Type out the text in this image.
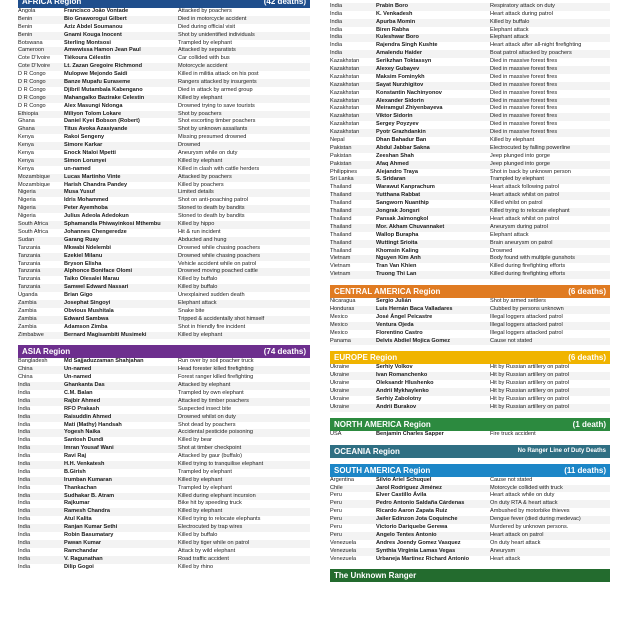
AFRICA Region	(42 deaths)
Angola	Francisco João Vontade	Attacked by poachers
Benin	Bio Gnaworogui Gilbert	Died in motorcycle accident
Benin	Aziz Abdel Soumanou	Died during official visit
Benin	Gnami Kouga Inocent	Shot by unidentified individuals
Botswana	Sterling Montsosi	Trampled by elephant
Cameroon	Amwwissa Hamon Jean Paul	Attacked by separatists
Cote D'Ivoire	Tiékoura Célestin	Car collided with bus
Cote D'Ivoire	Lt. Zazan Gregoire Richmond	Motorcycle accident
D R Congo	Mulopwe Mejondo Saidi	Killed in militia attack on his post
D R Congo	Banze Mupafu Euraseme	Rangers attacked by insurgents
D R Congo	Djibril Mutambala Kabengano	Died in attack by armed group
D R Congo	Mahangalko Bazirake Celestin	Killed by elephant
D R Congo	Alex Masungi Ndonga	Drowned trying to save tourists
Ethiopia	Miliyon Tolom Lokare	Shot by poachers
Ghana	Daniel Kyei Bobson (Robert)	Shot escorting timber poachers
Ghana	Titus Avoka Azasiyande	Shot by unknown assailants
Kenya	Rakoi Sengeny	Missing presumed drowned
Kenya	Simore Karkar	Drowned
Kenya	Enock Ntaloi Mpetti	Aneurysm while on duty
Kenya	Simon Lorunyei	Killed by elephant
Kenya	un-named	Killed in clash with cattle herders
Mozambique	Lucas Martinho Vinte	Attacked by poachers
Mozambique	Harish Chandra Pandey	Killed by poachers
Nigeria	Musa Yusuf	Limited details
Nigeria	Idris Mohammed	Shot on anti-poaching patrol
Nigeria	Peter Ayemhoba	Stoned to death by bandits
Nigeria	Julius Adeola Adedokun	Stoned to death by bandits
South Africa	Sphamandla Phiwayinkosi Mthembu	Killed by hippo
South Africa	Johannes Chengeredze	Hit & run incident
Sudan	Garang Ruay	Abducted and hung
Tanzania	Mkwabi Ndelembi	Drowned while chasing poachers
Tanzania	Ezekiel Milanu	Drowned while chasing poachers
Tanzania	Bryson Elisha	Vehicle accident while on patrol
Tanzania	Alphonce Boniface Olomi	Drowned moving poached cattle
Tanzania	Taiko Olesalei Marau	Killed by buffalo
Tanzania	Samwel Edward Nassari	Killed by buffalo
Uganda	Brian Gigo	Unexplained sudden death
Zambia	Josephat Singoyi	Elephant attack
Zambia	Obvious Mushitala	Snake bite
Zambia	Edward Sambwa	Tripped & accidentally shot himself
Zambia	Adamson Zimba	Shot in friendly fire incident
Zimbabwe	Bernard Magisambiti Musimeki	Killed by elephant
ASIA Region	(74 deaths)
Bangladesh	Md Sajjaduzzaman Shahjahan	Run over by soil poacher truck
China	Un-named	Head forester killed firefighting
China	Un-named	Forest ranger killed firefighting
India	Ghankanta Das	Attacked by elephant
India	C.M. Balan	Trampled by own elephant
India	Rajbir Ahmed	Attacked by timber poachers
India	RFO Prakash	Suspected insect bite
India	Raisuddin Ahmed	Drowned whilst on duty
India	Mati (Mathy) Handsah	Shot dead by poachers
India	Yogesh Naika	Accidental pesticide poisoning
India	Santosh Dundi	Killed by bear
India	Imran Yousaf Wani	Shot at timber checkpoint
India	Ravi Raj	Attacked by gaur (buffalo)
India	H.H. Venkatesh	Killed trying to tranquilise elephant
India	B.Girish	Trampled by elephant
India	Irumban Kumaran	Killed by elephant
India	Thankachan	Trampled by elephant
India	Sudhakar B. Atram	Killed during elephant incursion
India	Rajkumar	Bike hit by speeding truck
India	Ramesh Chandra	Killed by elephant
India	Atul Kalita	Killed trying to relocate elephants
India	Ranjan Kumar Sethi	Electrocuted by trap wires
India	Robin Basumatary	Killed by buffalo
India	Pawan Kumar	Killed by tiger while on patrol
India	Ramchandar	Attack by wild elephant
India	V. Ragunathan	Road traffic accident
India	Dilip Gogoi	Killed by rhino
India	Prabin Boro	Respiratory attack on duty
India	K. Venkadesh	Heart attack during patrol
India	Apurba Momin	Killed by buffalo
India	Biren Rabha	Elephant attack
India	Kuleshwar Boro	Elephant attack
India	Rajendra Singh Kushte	Heart attack after all-night firefighting
India	Amalendu Haider	Boat patrol attacked by poachers
Kazakhstan	Serikzhan Toktassyn	Died in massive forest fires
Kazakhstan	Alexey Gubayev	Died in massive forest fires
Kazakhstan	Maksim Fominykh	Died in massive forest fires
Kazakhstan	Sayat Nurzhigitov	Died in massive forest fires
Kazakhstan	Konstantin Nachinyonov	Died in massive forest fires
Kazakhstan	Alexander Sidorin	Died in massive forest fires
Kazakhstan	Meiramgul Zhiyenbayeva	Died in massive forest fires
Kazakhstan	Viktor Sidorin	Died in massive forest fires
Kazakhstan	Sergey Poyzyev	Died in massive forest fires
Kazakhstan	Pyotr Grazhdankin	Died in massive forest fires
Nepal	Dhan Bahadur Ban	Killed by elephant
Pakistan	Abdul Jabbar Sakna	Electrocuted by falling powerline
Pakistan	Zeeshan Shah	Jeep plunged into gorge
Pakistan	Afaq Ahmed	Jeep plunged into gorge
Philippines	Alejandro Traya	Shot in back by unknown person
Sri Lanka	S. Sridaran	Trampled by elephant
Thailand	Warawut Kanprachum	Heart attack following patrol
Thailand	Yutthana Rabbat	Heart attack whilst on patrol
Thailand	Sangworn Nuanthip	Killed whilst on patrol
Thailand	Jongrak Jongsri	Killed trying to relocate elephant
Thailand	Pansak Jaimongkol	Heart attack whilst on patrol
Thailand	Mor. Akham Chuvannaket	Aneurysm during patrol
Thailand	Wallop Burapha	Elephant attack
Thailand	Wuttingt Srioita	Brain aneurysm on patrol
Thailand	Khomsin Kaling	Drowned
Vietnam	Nguyen Kim Anh	Body found with multiple gunshots
Vietnam	Tran Van Khien	Killed during firefighting efforts
Vietnam	Truong Thi Lan	Killed during firefighting efforts
CENTRAL AMERICA Region	(6 deaths)
Nicaragua	Sergio Julián	Shot by armed settlers
Honduras	Luis Hernán Baca Valladares	Clubbed by persons unknown
Mexico	José Ángel Peicastre	Illegal loggers attacked patrol
Mexico	Ventura Ojeda	Illegal loggers attacked patrol
Mexico	Florentino Castro	Illegal loggers attacked patrol
Panama	Delvis Abdiel Mojica Gomez	Cause not stated
EUROPE Region	(6 deaths)
Ukraine	Serhiy Volkov	Hit by Russian artillery on patrol
Ukraine	Ivan Romanchenko	Hit by Russian artillery on patrol
Ukraine	Oleksandr Hlushenko	Hit by Russian artillery on patrol
Ukraine	Andrii Mykhaylenko	Hit by Russian artillery on patrol
Ukraine	Serhiy Zabolotny	Hit by Russian artillery on patrol
Ukraine	Andrii Burakov	Hit by Russian artillery on patrol
NORTH AMERICA Region	(1 death)
USA	Benjamin Charles Sapper	Fire truck accident
OCEANIA Region	No Ranger Line of Duty Deaths
SOUTH AMERICA Region	(11 deaths)
Argentina	Silvio Ariel Schuquel	Cause not stated
Chile	Jarol Rodriguez Jiménez	Motorcycle collided with truck
Peru	Elver Castillo Ávila	Heart attack while on duty
Peru	Pedro Antonio Saldaña Cárdenas	On duty RTA & heart attack
Peru	Ricardo Aaron Zapata Ruiz	Ambushed by motorbike thieves
Peru	Jailer Edinzon Jota Coquinche	Dengue fever (died during medevac)
Peru	Victorio Dariquebe Gerewa	Murdered by unknown persons.
Peru	Angelo Tentes Antonio	Heart attack on patrol
Venezuela	Andres Joendy Gomez Vasquez	On duty heart attack
Venezuela	Synthia Virginia Lamas Vegas	Aneurysm
Venezuela	Urbaneja Martinez Richard Antonio	Heart attack
The Unknown Ranger
